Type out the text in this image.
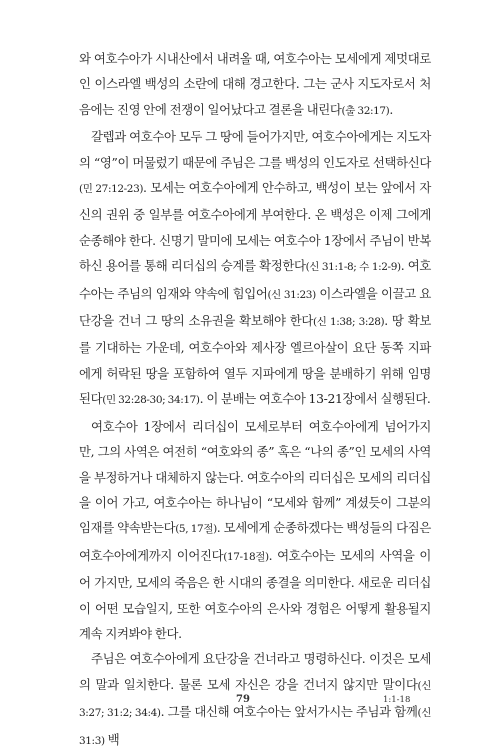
와 여호수아가 시내산에서 내려올 때, 여호수아는 모세에게 제멋대로인 이스라엘 백성의 소란에 대해 경고한다. 그는 군사 지도자로서 처음에는 진영 안에 전쟁이 일어났다고 결론을 내린다(출 32:17).

갈렙과 여호수아 모두 그 땅에 들어가지만, 여호수아에게는 지도자의 “영”이 머물렀기 때문에 주님은 그를 백성의 인도자로 선택하신다(민 27:12-23). 모세는 여호수아에게 안수하고, 백성이 보는 앞에서 자신의 권위 중 일부를 여호수아에게 부여한다. 온 백성은 이제 그에게 순종해야 한다. 신명기 말미에 모세는 여호수아 1장에서 주님이 반복하신 용어를 통해 리더십의 승계를 확정한다(신 31:1-8; 수 1:2-9). 여호수아는 주님의 임재와 약속에 힘입어(신 31:23) 이스라엘을 이끌고 요단강을 건너 그 땅의 소유권을 확보해야 한다(신 1:38; 3:28). 땅 확보를 기대하는 가운데, 여호수아와 제사장 엘르아살이 요단 동쪽 지파에게 허락된 땅을 포함하여 열두 지파에게 땅을 분배하기 위해 임명된다(민 32:28-30; 34:17). 이 분배는 여호수아 13-21장에서 실행된다.

여호수아 1장에서 리더십이 모세로부터 여호수아에게 넘어가지만, 그의 사역은 여전히 “여호와의 종” 혹은 “나의 종”인 모세의 사역을 부정하거나 대체하지 않는다. 여호수아의 리더십은 모세의 리더십을 이어 가고, 여호수아는 하나님이 “모세와 함께” 계셨듯이 그분의 임재를 약속받는다(5, 17절). 모세에게 순종하겠다는 백성들의 다짐은 여호수아에게까지 이어진다(17-18절). 여호수아는 모세의 사역을 이어 가지만, 모세의 죽음은 한 시대의 종결을 의미한다. 새로운 리더십이 어떤 모습일지, 또한 여호수아의 은사와 경험은 어떻게 활용될지 계속 지켜봐야 한다.

주님은 여호수아에게 요단강을 건너라고 명령하신다. 이것은 모세의 말과 일치한다. 물론 모세 자신은 강을 건너지 않지만 말이다(신 3:27; 31:2; 34:4). 그를 대신해 여호수아는 앞서가시는 주님과 함께(신 31:3) 백

79	1:1-18
